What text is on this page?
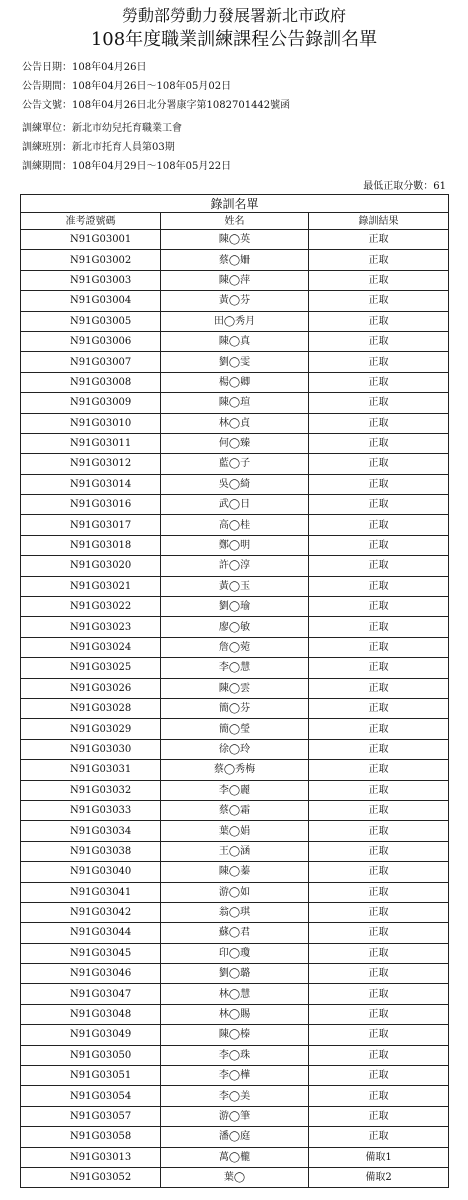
勞動部勞動力發展署新北市政府
108年度職業訓練課程公告錄訓名單
公告日期：108年04月26日
公告期間：108年04月26日～108年05月02日
公告文號：108年04月26日北分署康字第1082701442號函
訓練單位：新北市幼兒托育職業工會
訓練班別：新北市托育人員第03期
訓練期間：108年04月29日～108年05月22日
最低正取分數：61
錄訓名單		
准考證號碼	姓名	錄訓結果
N91G03001	陳◯英	正取
N91G03002	蔡◯姍	正取
N91G03003	陳◯萍	正取
N91G03004	黃◯芬	正取
N91G03005	田◯秀月	正取
N91G03006	陳◯真	正取
N91G03007	劉◯雯	正取
N91G03008	楊◯卿	正取
N91G03009	陳◯瑄	正取
N91G03010	林◯貞	正取
N91G03011	何◯臻	正取
N91G03012	藍◯子	正取
N91G03014	吳◯綺	正取
N91G03016	武◯日	正取
N91G03017	高◯桂	正取
N91G03018	鄭◯明	正取
N91G03020	許◯淳	正取
N91G03021	黃◯玉	正取
N91G03022	劉◯瑜	正取
N91G03023	廖◯敏	正取
N91G03024	詹◯菀	正取
N91G03025	李◯慧	正取
N91G03026	陳◯雲	正取
N91G03028	簡◯芬	正取
N91G03029	簡◯瑩	正取
N91G03030	徐◯玲	正取
N91G03031	蔡◯秀梅	正取
N91G03032	李◯麗	正取
N91G03033	蔡◯霜	正取
N91G03034	葉◯娟	正取
N91G03038	王◯涵	正取
N91G03040	陳◯蓁	正取
N91G03041	游◯如	正取
N91G03042	翁◯琪	正取
N91G03044	蘇◯君	正取
N91G03045	印◯瓊	正取
N91G03046	劉◯璐	正取
N91G03047	林◯慧	正取
N91G03048	林◯賜	正取
N91G03049	陳◯榛	正取
N91G03050	李◯珠	正取
N91G03051	李◯樺	正取
N91G03054	李◯美	正取
N91G03057	游◯筆	正取
N91G03058	潘◯庭	正取
N91G03013	萬◯櫳	備取1
N91G03052	葉◯	備取2
